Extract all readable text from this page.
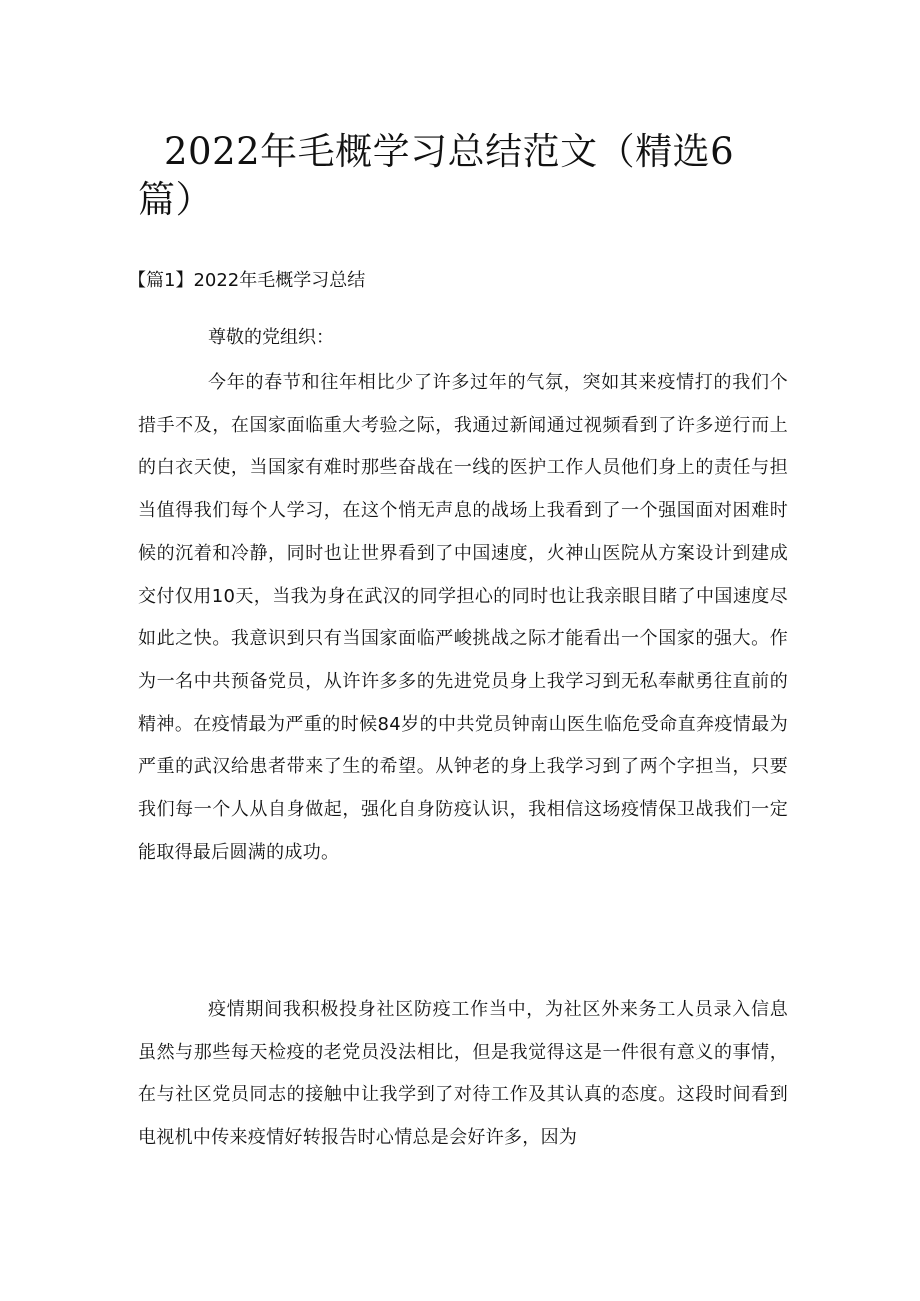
2022年毛概学习总结范文（精选6篇）
【篇1】2022年毛概学习总结

尊敬的党组织：

今年的春节和往年相比少了许多过年的气氛，突如其来疫情打的我们个措手不及，在国家面临重大考验之际，我通过新闻通过视频看到了许多逆行而上的白衣天使，当国家有难时那些奋战在一线的医护工作人员他们身上的责任与担当值得我们每个人学习，在这个悄无声息的战场上我看到了一个强国面对困难时候的沉着和冷静，同时也让世界看到了中国速度，火神山医院从方案设计到建成交付仅用10天，当我为身在武汉的同学担心的同时也让我亲眼目睹了中国速度尽如此之快。我意识到只有当国家面临严峻挑战之际才能看出一个国家的强大。作为一名中共预备党员，从许许多多的先进党员身上我学习到无私奉献勇往直前的精神。在疫情最为严重的时候84岁的中共党员钟南山医生临危受命直奔疫情最为严重的武汉给患者带来了生的希望。从钟老的身上我学习到了两个字担当，只要我们每一个人从自身做起，强化自身防疫认识，我相信这场疫情保卫战我们一定能取得最后圆满的成功。

疫情期间我积极投身社区防疫工作当中，为社区外来务工人员录入信息虽然与那些每天检疫的老党员没法相比，但是我觉得这是一件很有意义的事情，在与社区党员同志的接触中让我学到了对待工作及其认真的态度。这段时间看到电视机中传来疫情好转报告时心情总是会好许多，因为
